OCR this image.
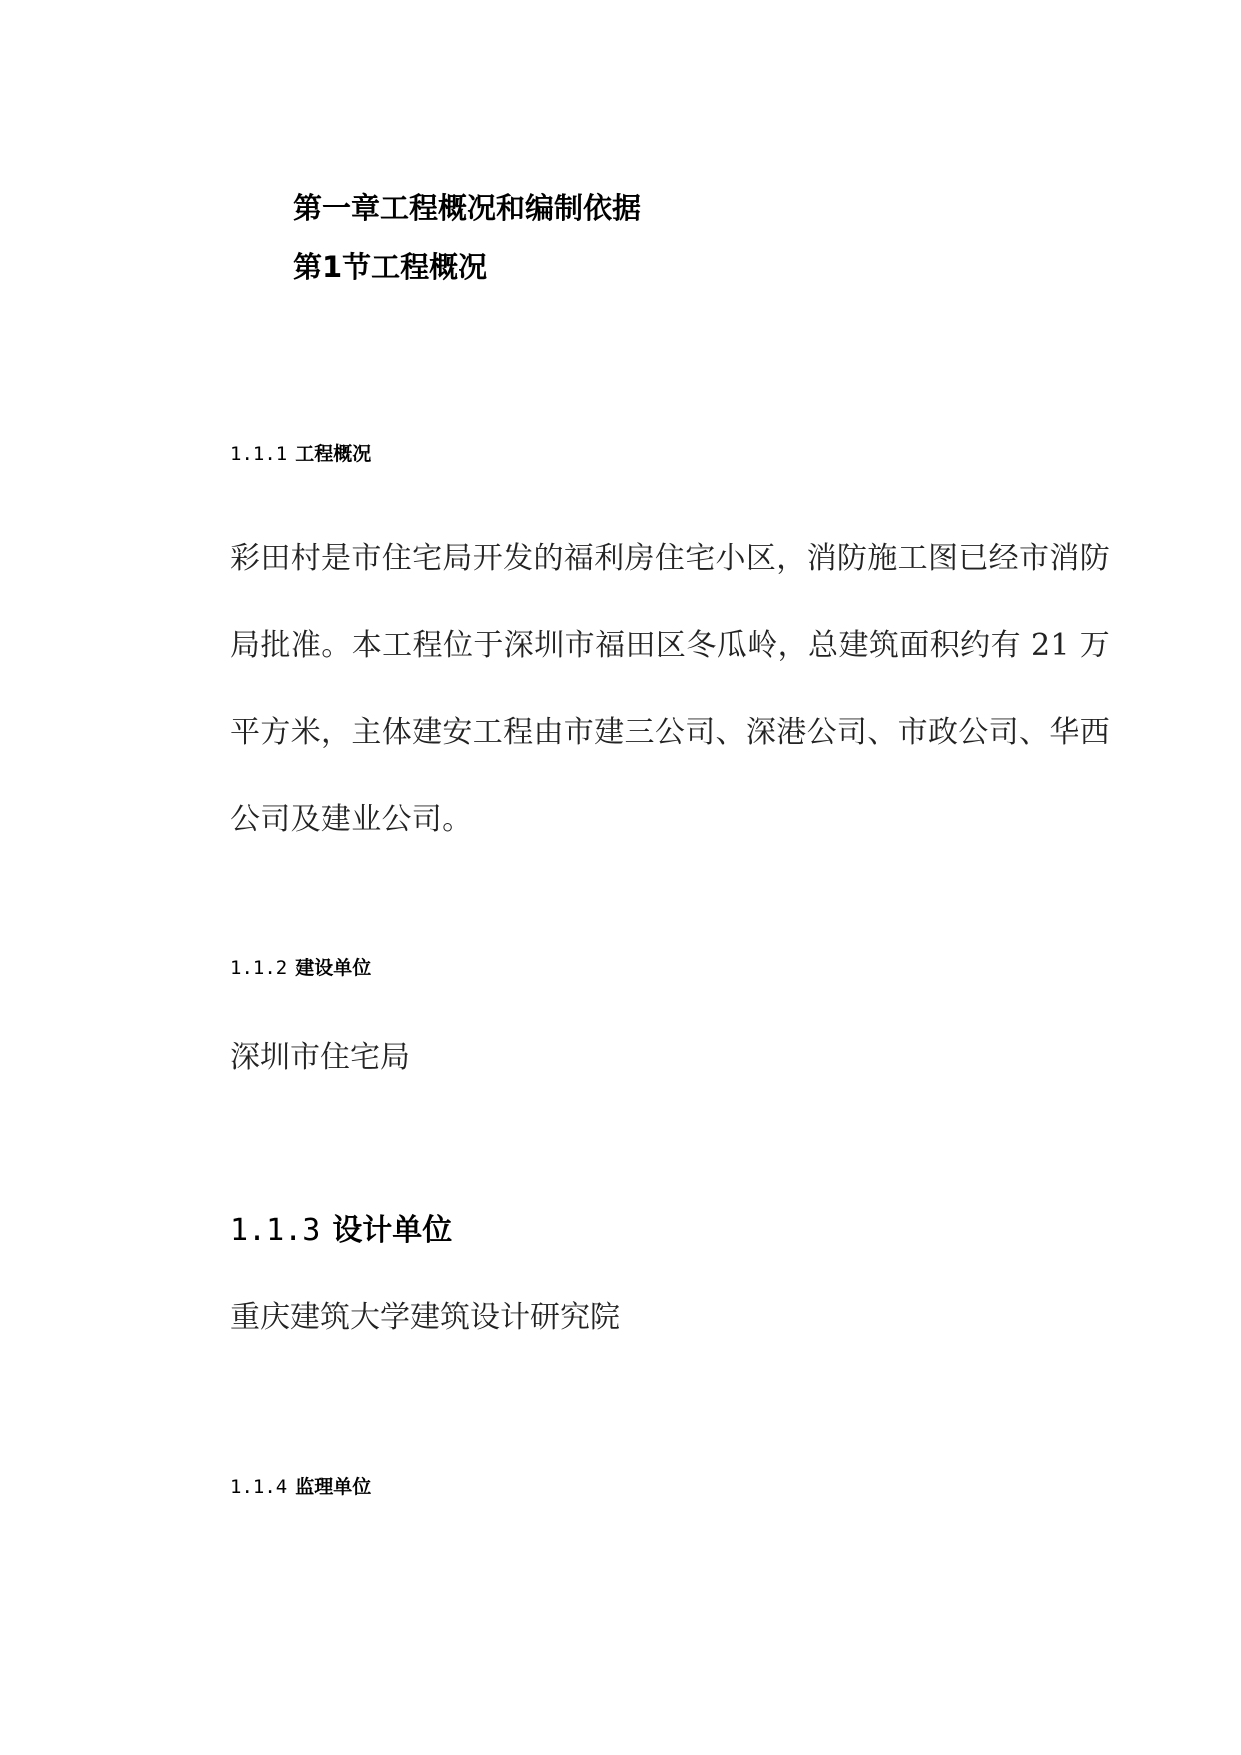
第一章工程概况和编制依据
第1节工程概况
1.1.1 工程概况

彩田村是市住宅局开发的福利房住宅小区，消防施工图已经市消防局批准。本工程位于深圳市福田区冬瓜岭，总建筑面积约有 21 万平方米，主体建安工程由市建三公司、深港公司、市政公司、华西公司及建业公司。

1.1.2 建设单位

深圳市住宅局

1.1.3 设计单位

重庆建筑大学建筑设计研究院

1.1.4 监理单位
